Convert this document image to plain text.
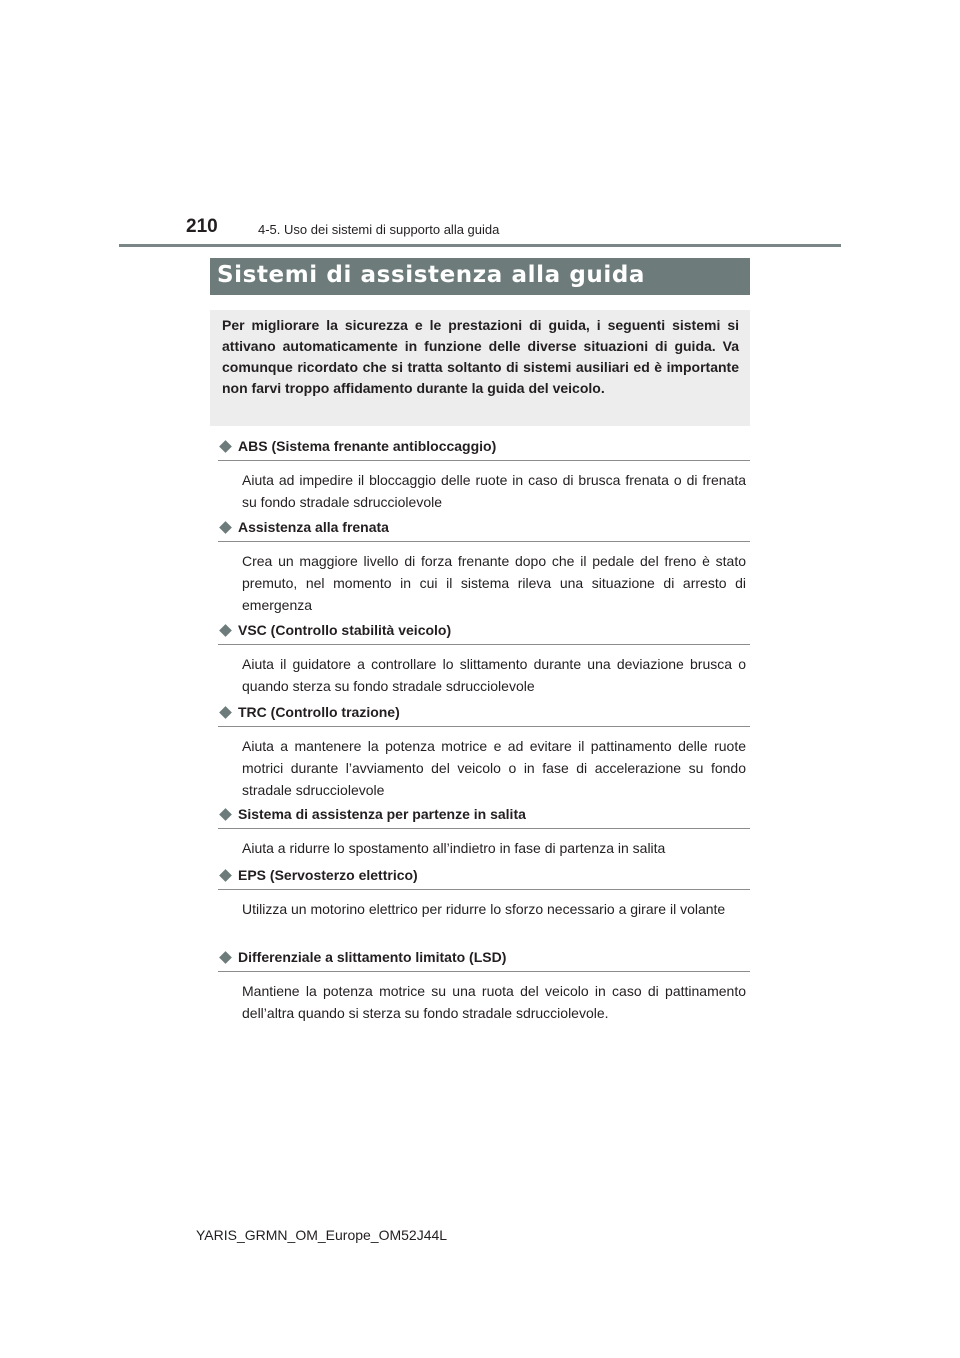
210	4-5. Uso dei sistemi di supporto alla guida
Sistemi di assistenza alla guida
Per migliorare la sicurezza e le prestazioni di guida, i seguenti sistemi si attivano automaticamente in funzione delle diverse situazioni di guida. Va comunque ricordato che si tratta soltanto di sistemi ausiliari ed è importante non farvi troppo affidamento durante la guida del veicolo.
ABS (Sistema frenante antibloccaggio)
Aiuta ad impedire il bloccaggio delle ruote in caso di brusca frenata o di frenata su fondo stradale sdrucciolevole
Assistenza alla frenata
Crea un maggiore livello di forza frenante dopo che il pedale del freno è stato premuto, nel momento in cui il sistema rileva una situazione di arresto di emergenza
VSC (Controllo stabilità veicolo)
Aiuta il guidatore a controllare lo slittamento durante una deviazione brusca o quando sterza su fondo stradale sdrucciolevole
TRC (Controllo trazione)
Aiuta a mantenere la potenza motrice e ad evitare il pattinamento delle ruote motrici durante l’avviamento del veicolo o in fase di accelerazione su fondo stradale sdrucciolevole
Sistema di assistenza per partenze in salita
Aiuta a ridurre lo spostamento all’indietro in fase di partenza in salita
EPS (Servosterzo elettrico)
Utilizza un motorino elettrico per ridurre lo sforzo necessario a girare il volante
Differenziale a slittamento limitato (LSD)
Mantiene la potenza motrice su una ruota del veicolo in caso di pattinamento dell’altra quando si sterza su fondo stradale sdrucciolevole.
YARIS_GRMN_OM_Europe_OM52J44L
